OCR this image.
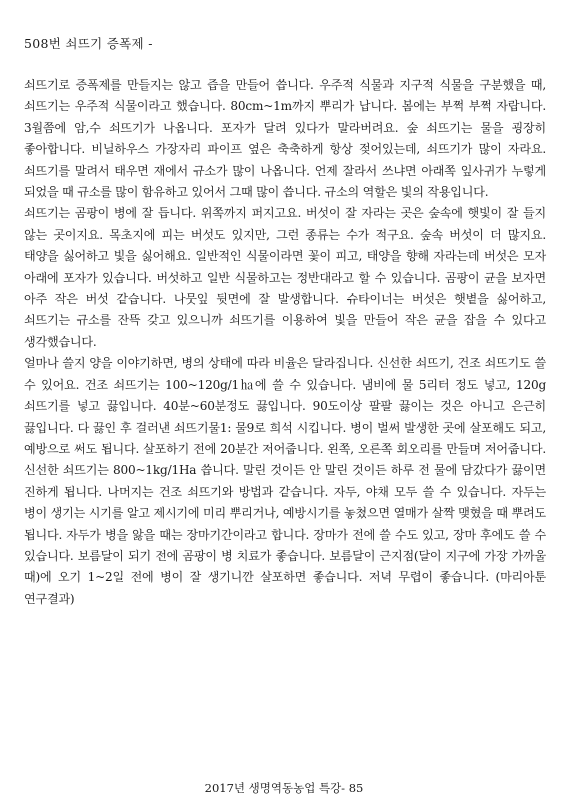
508번 쇠뜨기 증폭제 -

쇠뜨기로 증폭제를 만들지는 않고 즙을 만들어 씁니다. 우주적 식물과 지구적 식물을 구분했을 때, 쇠뜨기는 우주적 식물이라고 했습니다. 80cm~1m까지 뿌리가 납니다. 봄에는 부쩍 부쩍 자랍니다. 3월쯤에 암,수 쇠뜨기가 나옵니다. 포자가 달려 있다가 말라버려요. 숲 쇠뜨기는 물을 굉장히 좋아합니다. 비닐하우스 가장자리 파이프 옆은 축축하게 항상 젖어있는데, 쇠뜨기가 많이 자라요. 쇠뜨기를 말려서 태우면 재에서 규소가 많이 나옵니다. 언제 잘라서 쓰냐면 아래쪽 잎사귀가 누렇게 되었을 때 규소를 많이 함유하고 있어서 그때 많이 씁니다. 규소의 역할은 빛의 작용입니다.

쇠뜨기는 곰팡이 병에 잘 듭니다. 위쪽까지 퍼지고요. 버섯이 잘 자라는 곳은 숲속에 햇빛이 잘 들지 않는 곳이지요. 목초지에 피는 버섯도 있지만, 그런 종류는 수가 적구요. 숲속 버섯이 더 많지요. 태양을 싫어하고 빛을 싫어해요. 일반적인 식물이라면 꽃이 피고, 태양을 향해 자라는데 버섯은 모자 아래에 포자가 있습니다. 버섯하고 일반 식물하고는 정반대라고 할 수 있습니다. 곰팡이 균을 보자면 아주 작은 버섯 같습니다. 나뭇잎 뒷면에 잘 발생합니다. 슈타이너는 버섯은 햇볕을 싫어하고, 쇠뜨기는 규소를 잔뜩 갖고 있으니까 쇠뜨기를 이용하여 빛을 만들어 작은 균을 잡을 수 있다고 생각했습니다.

얼마나 쓸지 양을 이야기하면, 병의 상태에 따라 비율은 달라집니다. 신선한 쇠뜨기, 건조 쇠뜨기도 쓸 수 있어요. 건조 쇠뜨기는 100~120g/1㏊에 쓸 수 있습니다. 냄비에 물 5리터 정도 넣고, 120g 쇠뜨기를 넣고 끓입니다. 40분~60분정도 끓입니다. 90도이상 팔팔 끓이는 것은 아니고 은근히 끓입니다. 다 끓인 후 걸러낸 쇠뜨기물1: 물9로 희석 시킵니다. 병이 벌써 발생한 곳에 살포해도 되고, 예방으로 써도 됩니다. 살포하기 전에 20분간 저어줍니다. 왼쪽, 오른쪽 회오리를 만들며 저어줍니다. 신선한 쇠뜨기는 800~1kg/1Ha 씁니다. 말린 것이든 안 말린 것이든 하루 전 물에 담갔다가 끓이면 진하게 됩니다. 나머지는 건조 쇠뜨기와 방법과 같습니다. 자두, 야채 모두 쓸 수 있습니다. 자두는 병이 생기는 시기를 알고 제시기에 미리 뿌리거나, 예방시기를 놓쳤으면 열매가 살짝 맺혔을 때 뿌려도 됩니다. 자두가 병을 앓을 때는 장마기간이라고 합니다. 장마가 전에 쓸 수도 있고, 장마 후에도 쓸 수 있습니다. 보름달이 되기 전에 곰팡이 병 치료가 좋습니다. 보름달이 근지점(달이 지구에 가장 가까울 때)에 오기 1~2일 전에 병이 잘 생기니깐 살포하면 좋습니다. 저녁 무렵이 좋습니다. (마리아툰 연구결과)

2017년 생명역동농업 특강- 85
